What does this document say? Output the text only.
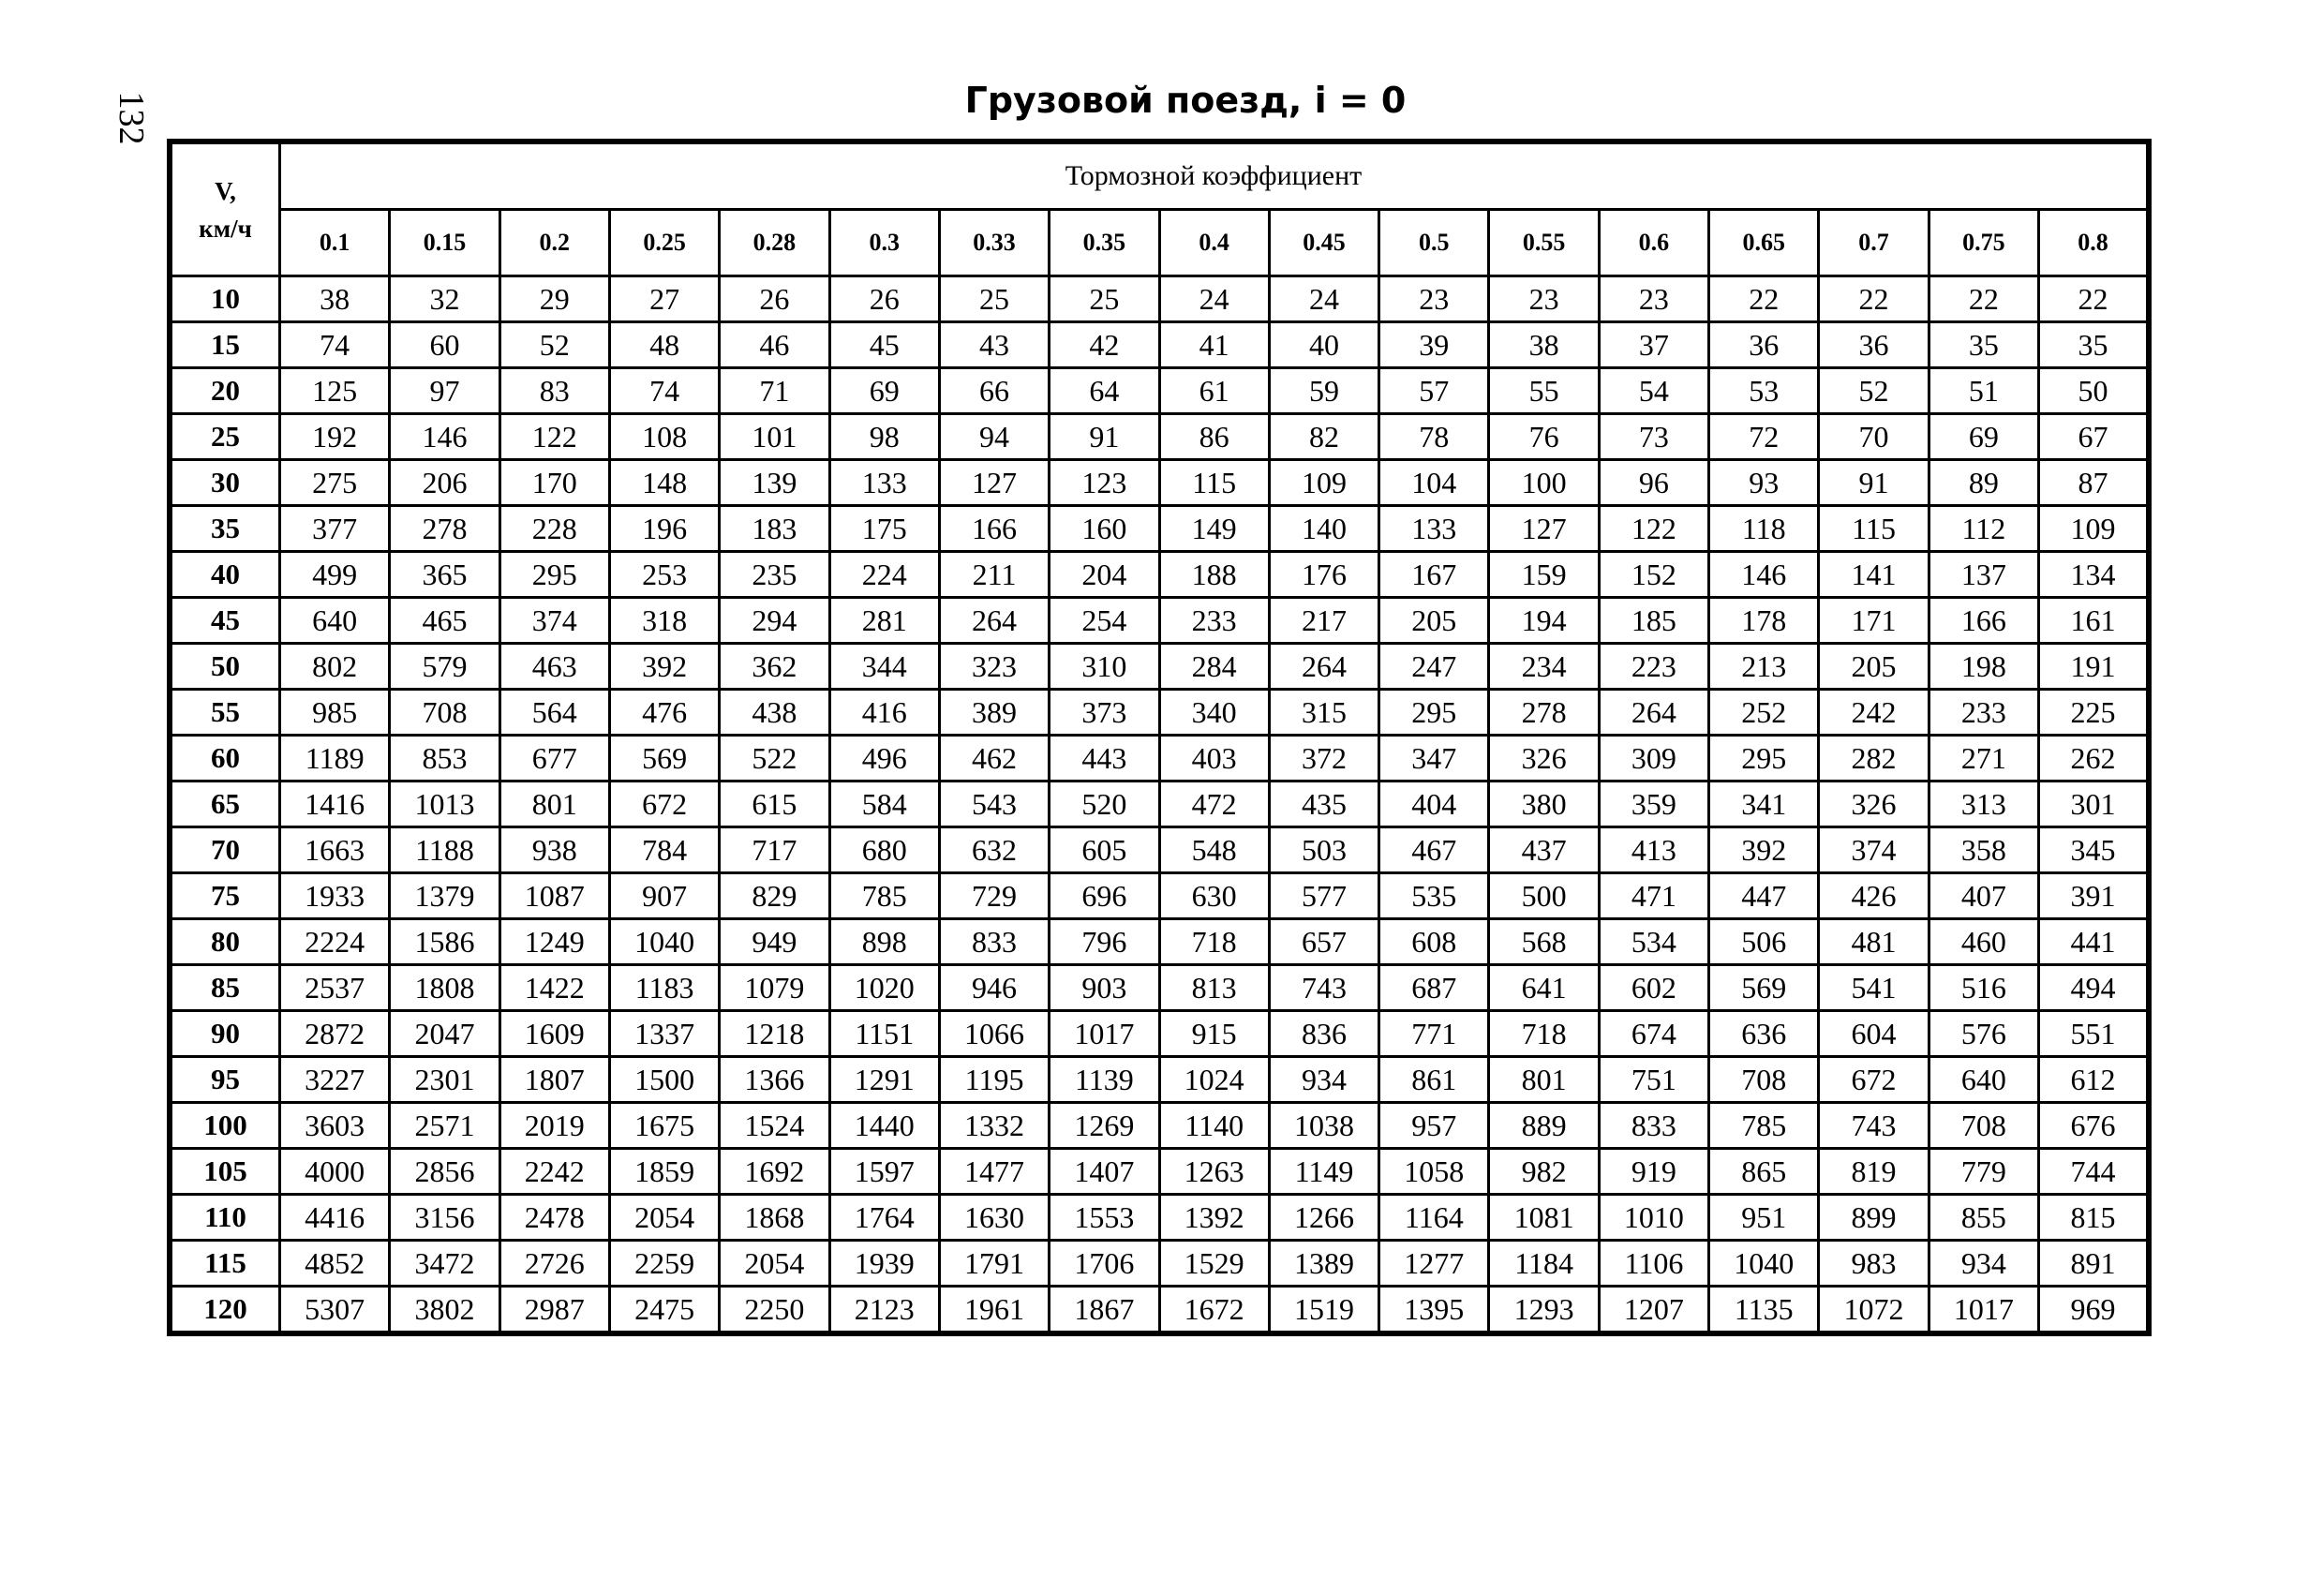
132	Грузовой поезд, i = 0
V,
км/ч	Тормозной коэффициент																
	0.1	0.15	0.2	0.25	0.28	0.3	0.33	0.35	0.4	0.45	0.5	0.55	0.6	0.65	0.7	0.75	0.8
10	38	32	29	27	26	26	25	25	24	24	23	23	23	22	22	22	22
15	74	60	52	48	46	45	43	42	41	40	39	38	37	36	36	35	35
20	125	97	83	74	71	69	66	64	61	59	57	55	54	53	52	51	50
25	192	146	122	108	101	98	94	91	86	82	78	76	73	72	70	69	67
30	275	206	170	148	139	133	127	123	115	109	104	100	96	93	91	89	87
35	377	278	228	196	183	175	166	160	149	140	133	127	122	118	115	112	109
40	499	365	295	253	235	224	211	204	188	176	167	159	152	146	141	137	134
45	640	465	374	318	294	281	264	254	233	217	205	194	185	178	171	166	161
50	802	579	463	392	362	344	323	310	284	264	247	234	223	213	205	198	191
55	985	708	564	476	438	416	389	373	340	315	295	278	264	252	242	233	225
60	1189	853	677	569	522	496	462	443	403	372	347	326	309	295	282	271	262
65	1416	1013	801	672	615	584	543	520	472	435	404	380	359	341	326	313	301
70	1663	1188	938	784	717	680	632	605	548	503	467	437	413	392	374	358	345
75	1933	1379	1087	907	829	785	729	696	630	577	535	500	471	447	426	407	391
80	2224	1586	1249	1040	949	898	833	796	718	657	608	568	534	506	481	460	441
85	2537	1808	1422	1183	1079	1020	946	903	813	743	687	641	602	569	541	516	494
90	2872	2047	1609	1337	1218	1151	1066	1017	915	836	771	718	674	636	604	576	551
95	3227	2301	1807	1500	1366	1291	1195	1139	1024	934	861	801	751	708	672	640	612
100	3603	2571	2019	1675	1524	1440	1332	1269	1140	1038	957	889	833	785	743	708	676
105	4000	2856	2242	1859	1692	1597	1477	1407	1263	1149	1058	982	919	865	819	779	744
110	4416	3156	2478	2054	1868	1764	1630	1553	1392	1266	1164	1081	1010	951	899	855	815
115	4852	3472	2726	2259	2054	1939	1791	1706	1529	1389	1277	1184	1106	1040	983	934	891
120	5307	3802	2987	2475	2250	2123	1961	1867	1672	1519	1395	1293	1207	1135	1072	1017	969
